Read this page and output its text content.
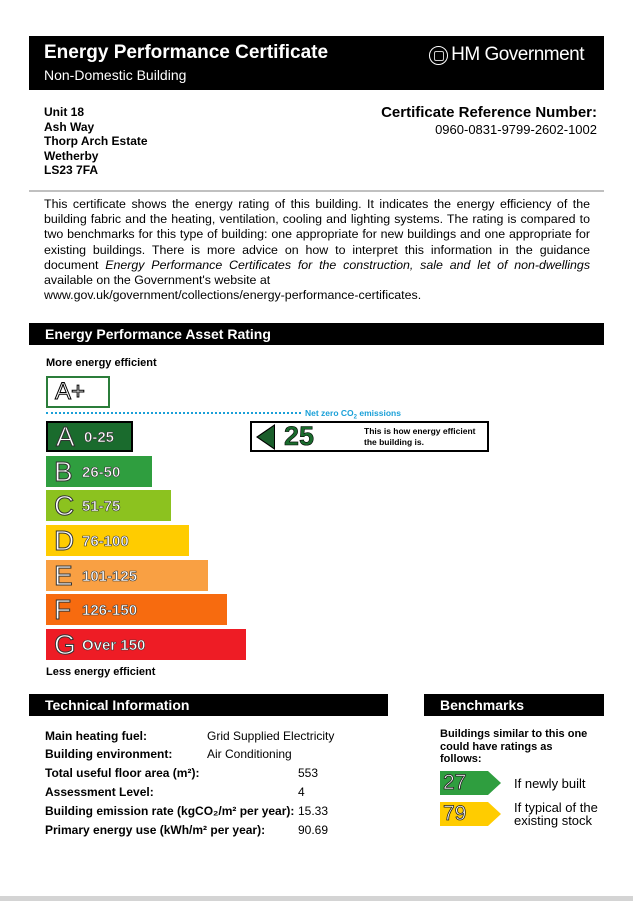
Energy Performance Certificate
Non-Domestic Building
HM Government
Unit 18
Ash Way
Thorp Arch Estate
Wetherby
LS23 7FA
Certificate Reference Number:
0960-0831-9799-2602-1002
This certificate shows the energy rating of this building. It indicates the energy efficiency of the building fabric and the heating, ventilation, cooling and lighting systems. The rating is compared to two benchmarks for this type of building: one appropriate for new buildings and one appropriate for existing buildings. There is more advice on how to interpret this information in the guidance document Energy Performance Certificates for the construction, sale and let of non-dwellings available on the Government's website at
www.gov.uk/government/collections/energy-performance-certificates.
Energy Performance Asset Rating
More energy efficient
A+
Net zero $CO_2$ emissions
A 0-25
B 26-50
C 51-75
D 76-100
E 101-125
F 126-150
G Over 150
25	This is how energy efficient
the building is.
Less energy efficient
Technical Information
Main heating fuel:	Grid Supplied Electricity
Building environment:	Air Conditioning
Total useful floor area (m²):	553
Assessment Level:	4
Building emission rate (kgCO₂/m² per year): 15.33
Primary energy use (kWh/m² per year):	90.69
Benchmarks
Buildings similar to this one could have ratings as follows:
27	If newly built
79	If typical of the
existing stock
